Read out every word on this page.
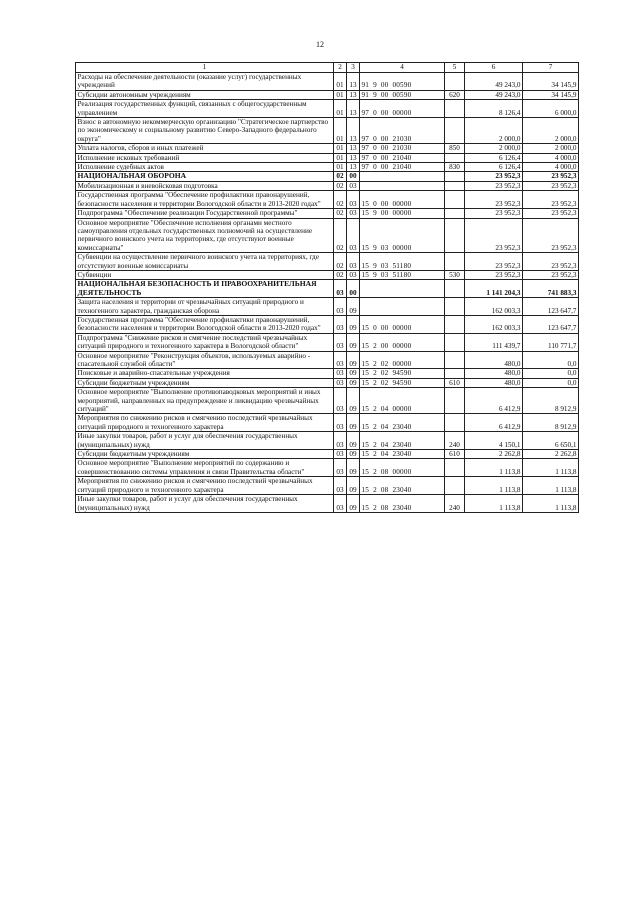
12
1	2	3	4	5	6	7
Расходы на обеспечение деятельности (оказание услуг) государственных учреждений	01	13	91  9  00  00590		49 243,0	34 145,9
Субсидии автономным учреждениям	01	13	91  9  00  00590	620	49 243,0	34 145,9
Реализация государственных функций, связанных с общегосударственным управлением	01	13	97  0  00  00000		8 126,4	6 000,0
Взнос в автономную некоммерческую организацию "Стратегическое партнерство по экономическому и социальному развитию Северо-Западного федерального округа"	01	13	97  0  00  21030		2 000,0	2 000,0
Уплата налогов, сборов и иных платежей	01	13	97  0  00  21030	850	2 000,0	2 000,0
Исполнение исковых требований	01	13	97  0  00  21040		6 126,4	4 000,0
Исполнение судебных актов	01	13	97  0  00  21040	830	6 126,4	4 000,0
НАЦИОНАЛЬНАЯ ОБОРОНА	02	00			23 952,3	23 952,3
Мобилизационная и вневойсковая подготовка	02	03			23 952,3	23 952,3
Государственная программа "Обеспечение профилактики правонарушений, безопасности населения и территории Вологодской области в 2013-2020 годах"	02	03	15  0  00  00000		23 952,3	23 952,3
Подпрограмма "Обеспечение реализации Государственной программы"	02	03	15  9  00  00000		23 952,3	23 952,3
Основное мероприятие "Обеспечение исполнения органами местного самоуправления отдельных государственных полномочий на осуществление первичного воинского учета на территориях, где отсутствуют военные комиссариаты"	02	03	15  9  03  00000		23 952,3	23 952,3
Субвенции на осуществление первичного воинского учета на территориях, где отсутствуют военные комиссариаты	02	03	15  9  03  51180		23 952,3	23 952,3
Субвенции	02	03	15  9  03  51180	530	23 952,3	23 952,3
НАЦИОНАЛЬНАЯ БЕЗОПАСНОСТЬ И ПРАВООХРАНИТЕЛЬНАЯ ДЕЯТЕЛЬНОСТЬ	03	00			1 141 204,3	741 883,3
Защита населения и территории от чрезвычайных ситуаций природного и техногенного характера, гражданская оборона	03	09			162 003,3	123 647,7
Государственная программа "Обеспечение профилактики правонарушений, безопасности населения и территории Вологодской области в 2013-2020 годах"	03	09	15  0  00  00000		162 003,3	123 647,7
Подпрограмма "Снижение рисков и смягчение последствий чрезвычайных ситуаций природного и техногенного характера в Вологодской области"	03	09	15  2  00  00000		111 439,7	110 771,7
Основное мероприятие "Реконструкция объектов, используемых аварийно - спасательной службой области"	03	09	15  2  02  00000		480,0	0,0
Поисковые и аварийно-спасательные учреждения	03	09	15  2  02  94590		480,0	0,0
Субсидии бюджетным учреждениям	03	09	15  2  02  94590	610	480,0	0,0
Основное мероприятие "Выполнение противопаводковых мероприятий и иных мероприятий, направленных на предупреждение и ликвидацию чрезвычайных ситуаций"	03	09	15  2  04  00000		6 412,9	8 912,9
Мероприятия по снижению рисков и смягчению последствий чрезвычайных ситуаций природного и техногенного характера	03	09	15  2  04  23040		6 412,9	8 912,9
Иные закупки товаров, работ и услуг для обеспечения государственных (муниципальных) нужд	03	09	15  2  04  23040	240	4 150,1	6 650,1
Субсидии бюджетным учреждениям	03	09	15  2  04  23040	610	2 262,8	2 262,8
Основное мероприятие "Выполнение мероприятий по содержанию и совершенствованию системы управления и связи Правительства области"	03	09	15  2  08  00000		1 113,8	1 113,8
Мероприятия по снижению рисков и смягчению последствий чрезвычайных ситуаций природного и техногенного характера	03	09	15  2  08  23040		1 113,8	1 113,8
Иные закупки товаров, работ и услуг для обеспечения государственных (муниципальных) нужд	03	09	15  2  08  23040	240	1 113,8	1 113,8
